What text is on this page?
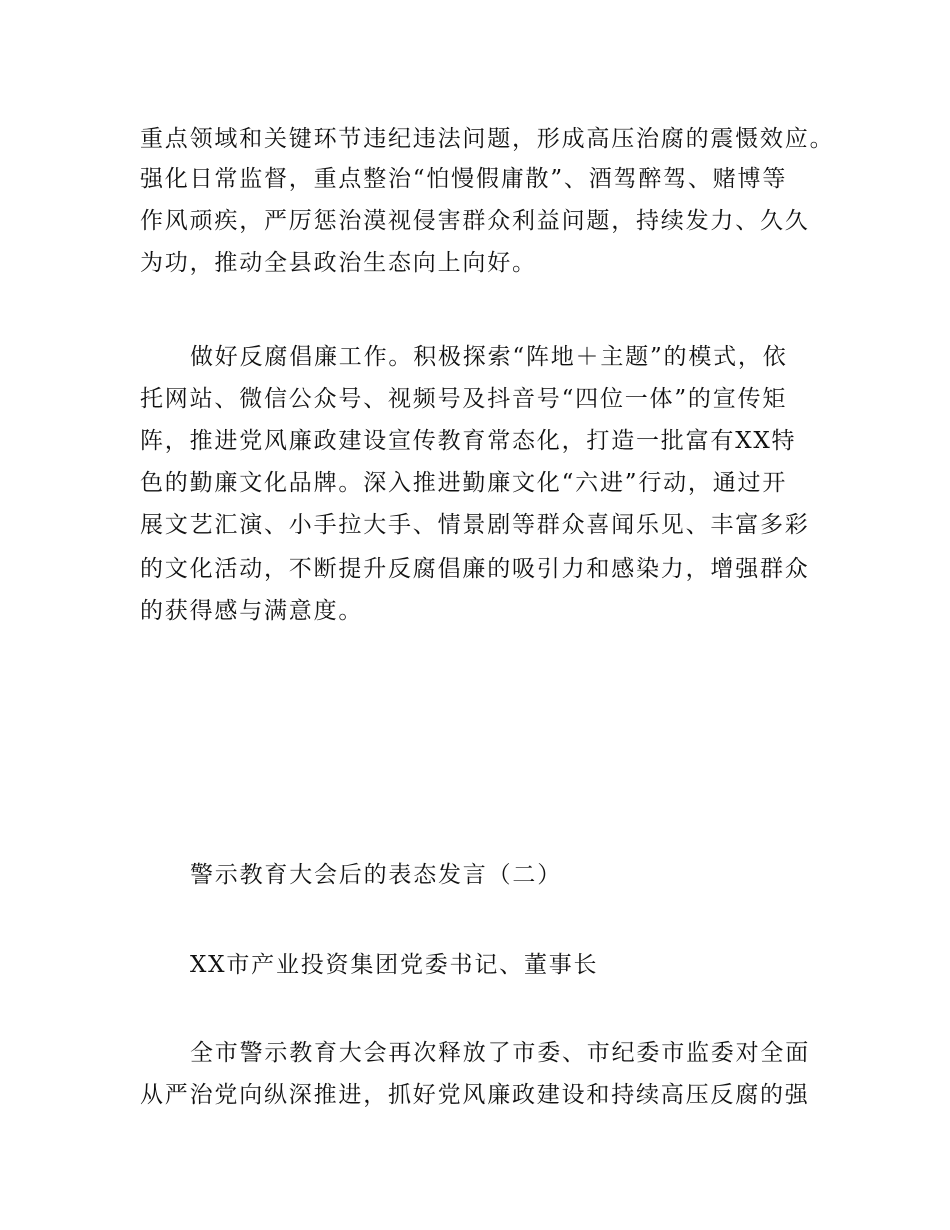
重点领域和关键环节违纪违法问题，形成高压治腐的震慑效应。
强化日常监督，重点整治“怕慢假庸散”、酒驾醉驾、赌博等
作风顽疾，严厉惩治漠视侵害群众利益问题，持续发力、久久
为功，推动全县政治生态向上向好。
做好反腐倡廉工作。积极探索“阵地＋主题”的模式，依
托网站、微信公众号、视频号及抖音号“四位一体”的宣传矩
阵，推进党风廉政建设宣传教育常态化，打造一批富有XX特
色的勤廉文化品牌。深入推进勤廉文化“六进”行动，通过开
展文艺汇演、小手拉大手、情景剧等群众喜闻乐见、丰富多彩
的文化活动，不断提升反腐倡廉的吸引力和感染力，增强群众
的获得感与满意度。
警示教育大会后的表态发言（二）
XX市产业投资集团党委书记、董事长
全市警示教育大会再次释放了市委、市纪委市监委对全面
从严治党向纵深推进，抓好党风廉政建设和持续高压反腐的强
